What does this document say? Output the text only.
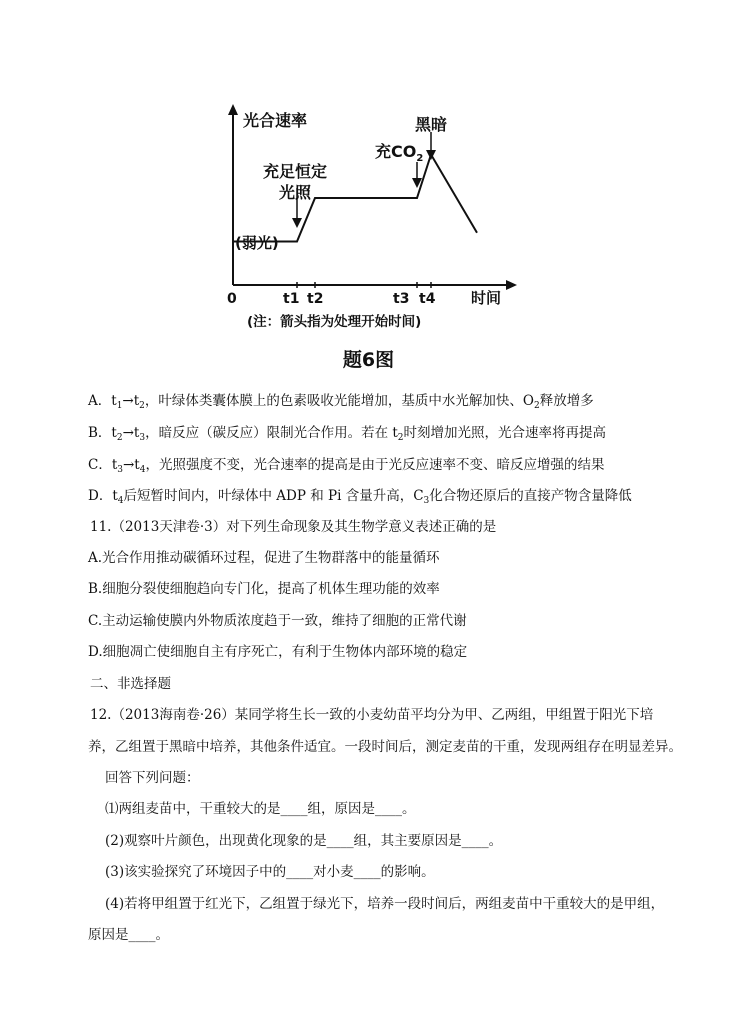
光合速率
时间
0	t1 t2	t3 t4
(弱光)
充足恒定
光照
充$CO_2$
黑暗
(注：箭头指为处理开始时间)
题6图
A．$t_1\to t_2$，叶绿体类囊体膜上的色素吸收光能增加，基质中水光解加快、$O_2$释放增多
B．$t_2\to t_3$，暗反应（碳反应）限制光合作用。若在 $t_2$时刻增加光照，光合速率将再提高
C．$t_3\to t_4$，光照强度不变，光合速率的提高是由于光反应速率不变、暗反应增强的结果
D．$t_4$后短暂时间内，叶绿体中 ADP 和 Pi 含量升高，$C_3$化合物还原后的直接产物含量降低
11.（2013天津卷·3）对下列生命现象及其生物学意义表述正确的是
A.光合作用推动碳循环过程，促进了生物群落中的能量循环
B.细胞分裂使细胞趋向专门化，提高了机体生理功能的效率
C.主动运输使膜内外物质浓度趋于一致，维持了细胞的正常代谢
D.细胞凋亡使细胞自主有序死亡，有利于生物体内部环境的稳定
二、非选择题
12.（2013海南卷·26）某同学将生长一致的小麦幼苗平均分为甲、乙两组，甲组置于阳光下培
养，乙组置于黑暗中培养，其他条件适宜。一段时间后，测定麦苗的干重，发现两组存在明显差异。
回答下列问题：
⑴两组麦苗中，干重较大的是____组，原因是____。
(2)观察叶片颜色，出现黄化现象的是____组，其主要原因是____。
(3)该实验探究了环境因子中的____对小麦____的影响。
(4)若将甲组置于红光下，乙组置于绿光下，培养一段时间后，两组麦苗中干重较大的是甲组，
原因是____。
